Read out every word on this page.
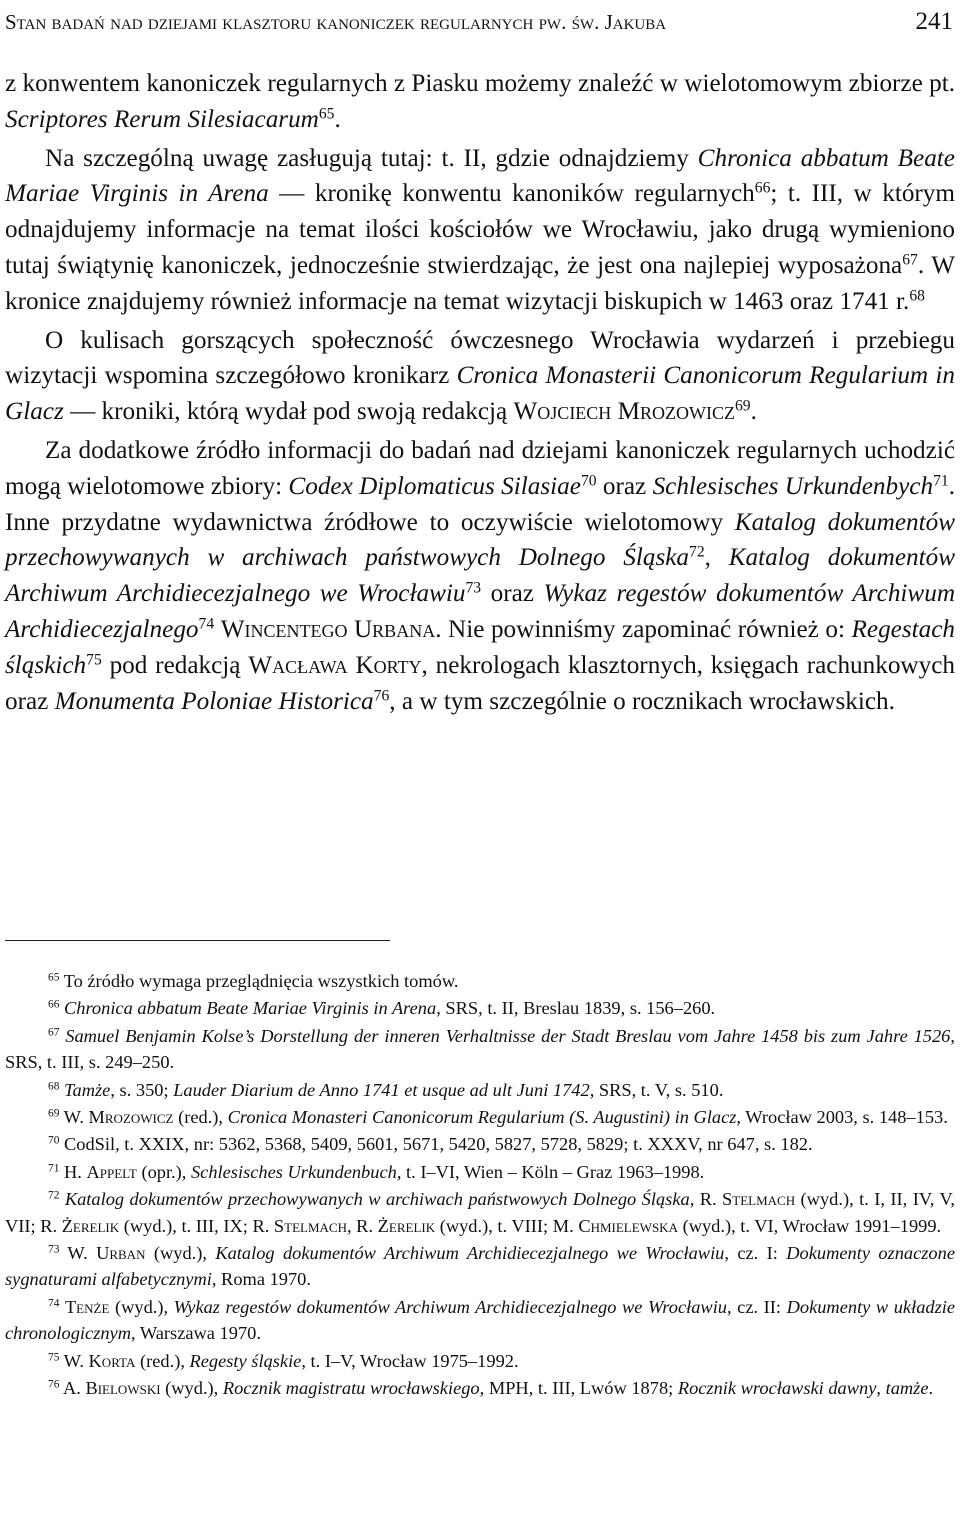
Stan badań nad dziejami klasztoru kanoniczek regularnych pw. św. Jakuba	241

z konwentem kanoniczek regularnych z Piasku możemy znaleźć w wielotomowym zbiorze pt. Scriptores Rerum Silesiacarum$^{65}$.

Na szczególną uwagę zasługują tutaj: t. II, gdzie odnajdziemy Chronica abbatum Beate Mariae Virginis in Arena — kronikę konwentu kanoników regularnych$^{66}$; t. III, w którym odnajdujemy informacje na temat ilości kościołów we Wrocławiu, jako drugą wymieniono tutaj świątynię kanoniczek, jednocześnie stwierdzając, że jest ona najlepiej wyposażona$^{67}$. W kronice znajdujemy również informacje na temat wizytacji biskupich w 1463 oraz 1741 r.$^{68}$

O kulisach gorszących społeczność ówczesnego Wrocławia wydarzeń i przebiegu wizytacji wspomina szczegółowo kronikarz Cronica Monasterii Canonicorum Regularium in Glacz — kroniki, którą wydał pod swoją redakcją Wojciech Mrozowicz$^{69}$.

Za dodatkowe źródło informacji do badań nad dziejami kanoniczek regularnych uchodzić mogą wielotomowe zbiory: Codex Diplomaticus Silasiae$^{70}$ oraz Schlesisches Urkundenbych$^{71}$. Inne przydatne wydawnictwa źródłowe to oczywiście wielotomowy Katalog dokumentów przechowywanych w archiwach państwowych Dolnego Śląska$^{72}$, Katalog dokumentów Archiwum Archidiecezjalnego we Wrocławiu$^{73}$ oraz Wykaz regestów dokumentów Archiwum Archidiecezjalnego$^{74}$ Wincentego Urbana. Nie powinniśmy zapominać również o: Regestach śląskich$^{75}$ pod redakcją Wacława Korty, nekrologach klasztornych, księgach rachunkowych oraz Monumenta Poloniae Historica$^{76}$, a w tym szczególnie o rocznikach wrocławskich.

$^{65}$ To źródło wymaga przeglądnięcia wszystkich tomów.

$^{66}$ Chronica abbatum Beate Mariae Virginis in Arena, SRS, t. II, Breslau 1839, s. 156–260.

$^{67}$ Samuel Benjamin Kolse’s Dorstellung der inneren Verhaltnisse der Stadt Breslau vom Jahre 1458 bis zum Jahre 1526, SRS, t. III, s. 249–250.

$^{68}$ Tamże, s. 350; Lauder Diarium de Anno 1741 et usque ad ult Juni 1742, SRS, t. V, s. 510.

$^{69}$ W. Mrozowicz (red.), Cronica Monasteri Canonicorum Regularium (S. Augustini) in Glacz, Wrocław 2003, s. 148–153.

$^{70}$ CodSil, t. XXIX, nr: 5362, 5368, 5409, 5601, 5671, 5420, 5827, 5728, 5829; t. XXXV, nr 647, s. 182.

$^{71}$ H. Appelt (opr.), Schlesisches Urkundenbuch, t. I–VI, Wien – Köln – Graz 1963–1998.

$^{72}$ Katalog dokumentów przechowywanych w archiwach państwowych Dolnego Śląska, R. Stelmach (wyd.), t. I, II, IV, V, VII; R. Żerelik (wyd.), t. III, IX; R. Stelmach, R. Żerelik (wyd.), t. VIII; M. Chmielewska (wyd.), t. VI, Wrocław 1991–1999.

$^{73}$ W. Urban (wyd.), Katalog dokumentów Archiwum Archidiecezjalnego we Wrocławiu, cz. I: Dokumenty oznaczone sygnaturami alfabetycznymi, Roma 1970.

$^{74}$ Tenże (wyd.), Wykaz regestów dokumentów Archiwum Archidiecezjalnego we Wrocławiu, cz. II: Dokumenty w układzie chronologicznym, Warszawa 1970.

$^{75}$ W. Korta (red.), Regesty śląskie, t. I–V, Wrocław 1975–1992.

$^{76}$ A. Bielowski (wyd.), Rocznik magistratu wrocławskiego, MPH, t. III, Lwów 1878; Rocznik wrocławski dawny, tamże.
